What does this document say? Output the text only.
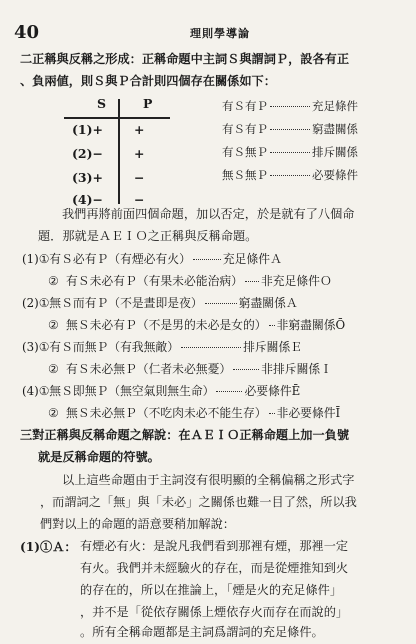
40	理則學導論
二正稱與反稱之形成：正稱命題中主詞Ｓ與謂詞Ｐ，設各有正
、負兩値，則Ｓ與Ｐ合計則四個存在關係如下：
S	P
(1)+ +
(2)− +
(3)+ −
(4)− −
有Ｓ有Ｐ	充足條件
有Ｓ有Ｐ	窮盡關係
有Ｓ無Ｐ	排斥關係
無Ｓ無Ｐ	必要條件
我們再將前面四個命題，加以否定，於是就有了八個命
題．那就是ＡＥＩＯ之正稱與反稱命題。
(1)①有Ｓ必有Ｐ（有煙必有火）	充足條件Ａ
② 有Ｓ未必有Ｐ（有果未必能治病） 非充足條件Ｏ
(2)①無Ｓ而有Ｐ（不是晝即是夜）	窮盡關係Ａ
② 無Ｓ未必有Ｐ（不是男的未必是女的） 非窮盡關係Ō
(3)①有Ｓ而無Ｐ（有我無敵）	排斥關係Ｅ
② 有Ｓ未必無Ｐ（仁者未必無憂）	非排斥關係Ｉ
(4)①無Ｓ即無Ｐ（無空氣則無生命）	必要條件Ē
② 無Ｓ未必無Ｐ（不吃肉未必不能生存） 非必要條件Ī
三對正稱與反稱命題之解說：在ＡＥＩＯ正稱命題上加一負號
就是反稱命題的符號。
以上這些命題由于主詞沒有很明顯的全稱偏稱之形式字
，而謂詞之「無」與「未必」之關係也難一目了然，所以我
們對以上的命題的語意要稍加解說：
(1)①Ａ： 有煙必有火：是說凡我們看到那裡有煙，那裡一定
有火。我們并未經驗火的存在，而是從煙推知到火
的存在的，所以在推論上，「煙是火的充足條件」
，并不是「從依存關係上煙依存火而存在而說的」
。所有全稱命題都是主詞爲謂詞的充足條件。
